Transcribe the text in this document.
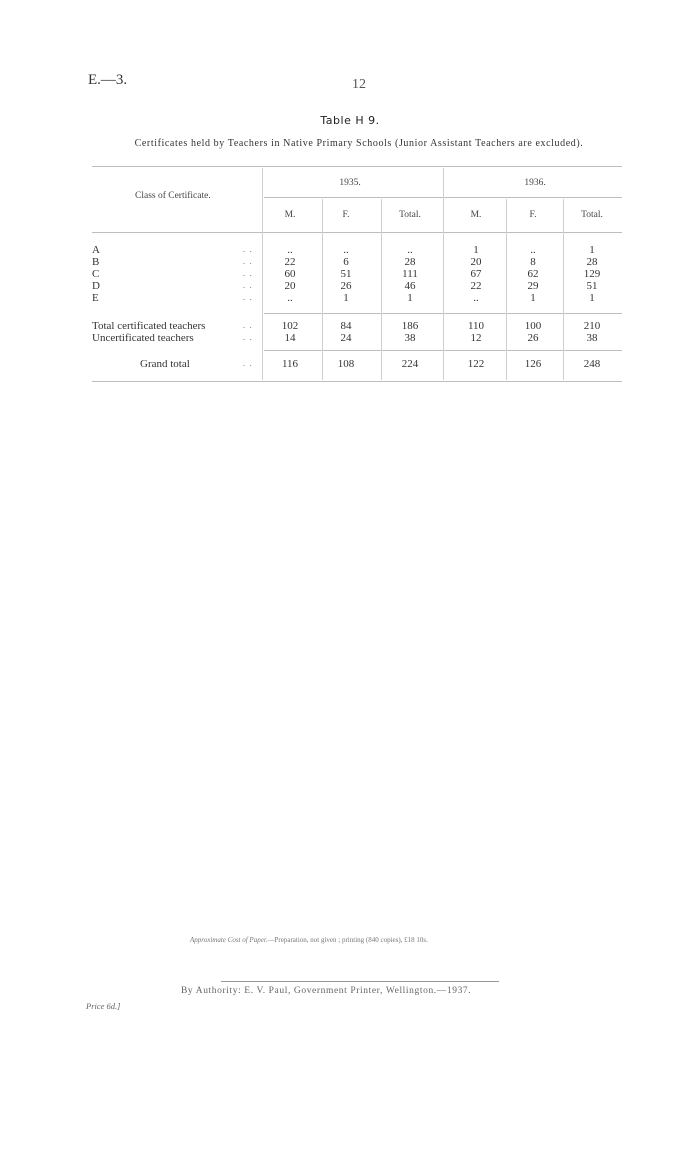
E.—3.	12
Table H 9.
Certificates held by Teachers in Native Primary Schools (Junior Assistant Teachers are excluded).
Class of Certificate.
1935.	1936.
M.	F.	Total.	M.	F.	Total.
A	. .	..	..	..	1	..	1
B	. .	22	6	28	20	8	28
C	. .	60	51	111	67	62	129
D	. .	20	26	46	22	29	51
E	. .	..	1	1	..	1	1
Total certificated teachers	. .	102	84	186	110	100	210
Uncertificated teachers	. .	14	24	38	12	26	38
Grand total	. .	116	108	224	122	126	248
Approximate Cost of Paper.—Preparation, not given ; printing (840 copies), £18 10s.
By Authority: E. V. Paul, Government Printer, Wellington.—1937.
Price 6d.]
